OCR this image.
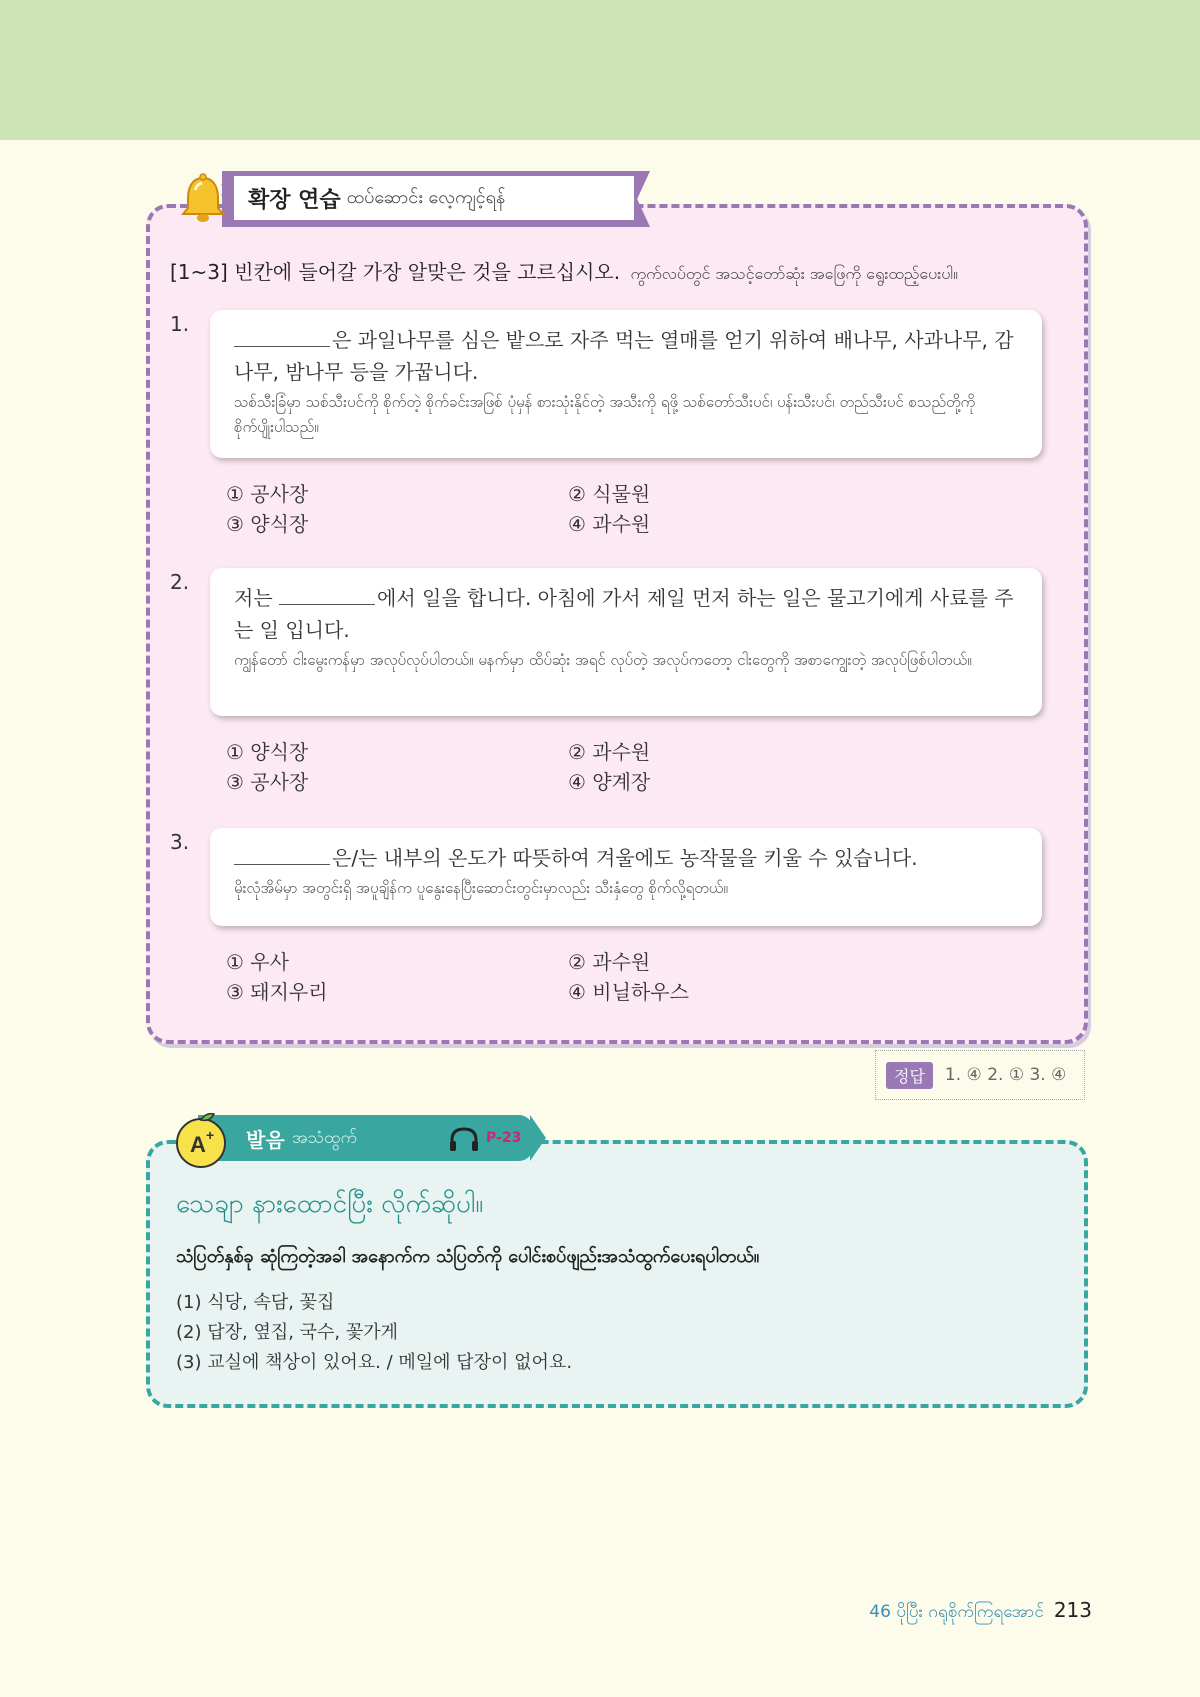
확장 연습 ထပ်ဆောင်း လေ့ကျင့်ရန်
[1~3] 빈칸에 들어갈 가장 알맞은 것을 고르십시오. ကွက်လပ်တွင် အသင့်တော်ဆုံး အဖြေကို ရွေးထည့်ပေးပါ။
1.
은 과일나무를 심은 밭으로 자주 먹는 열매를 얻기 위하여 배나무, 사과나무, 감나무, 밤나무 등을 가꿉니다.
သစ်သီးခြံမှာ သစ်သီးပင်ကို စိုက်တဲ့ စိုက်ခင်းအဖြစ် ပုံမှန် စားသုံးနိုင်တဲ့ အသီးကို ရဖို့ သစ်တော်သီးပင်၊ ပန်းသီးပင်၊ တည်သီးပင် စသည်တို့ကို စိုက်ပျိုးပါသည်။
① 공사장	② 식물원
③ 양식장	④ 과수원
2.
저는	에서 일을 합니다. 아침에 가서 제일 먼저 하는 일은 물고기에게 사료를 주는 일 입니다.
ကျွန်တော် ငါးမွေးကန်မှာ အလုပ်လုပ်ပါတယ်။ မနက်မှာ ထိပ်ဆုံး အရင် လုပ်တဲ့ အလုပ်ကတော့ ငါးတွေကို အစာကျွေးတဲ့ အလုပ်ဖြစ်ပါတယ်။
① 양식장	② 과수원
③ 공사장	④ 양계장
3.
은/는 내부의 온도가 따뜻하여 겨울에도 농작물을 키울 수 있습니다.
မိုးလုံအိမ်မှာ အတွင်းရှိ အပူချိန်က ပူနွေးနေပြီးဆောင်းတွင်းမှာလည်း သီးနှံတွေ စိုက်လို့ရတယ်။
① 우사	② 과수원
③ 돼지우리	④ 비닐하우스
정답	1. ④ 2. ① 3. ④
A + 발음 အသံထွက်	P-23
သေချာ နားထောင်ပြီး လိုက်ဆိုပါ။
သံပြတ်နှစ်ခု ဆုံကြတဲ့အခါ အနောက်က သံပြတ်ကို ပေါင်းစပ်ဖျည်းအသံထွက်ပေးရပါတယ်။
(1) 식당, 속담, 꽃집
(2) 답장, 옆집, 국수, 꽃가게
(3) 교실에 책상이 있어요. / 메일에 답장이 없어요.
46 ပိုပြီး ဂရုစိုက်ကြရအောင် 213
